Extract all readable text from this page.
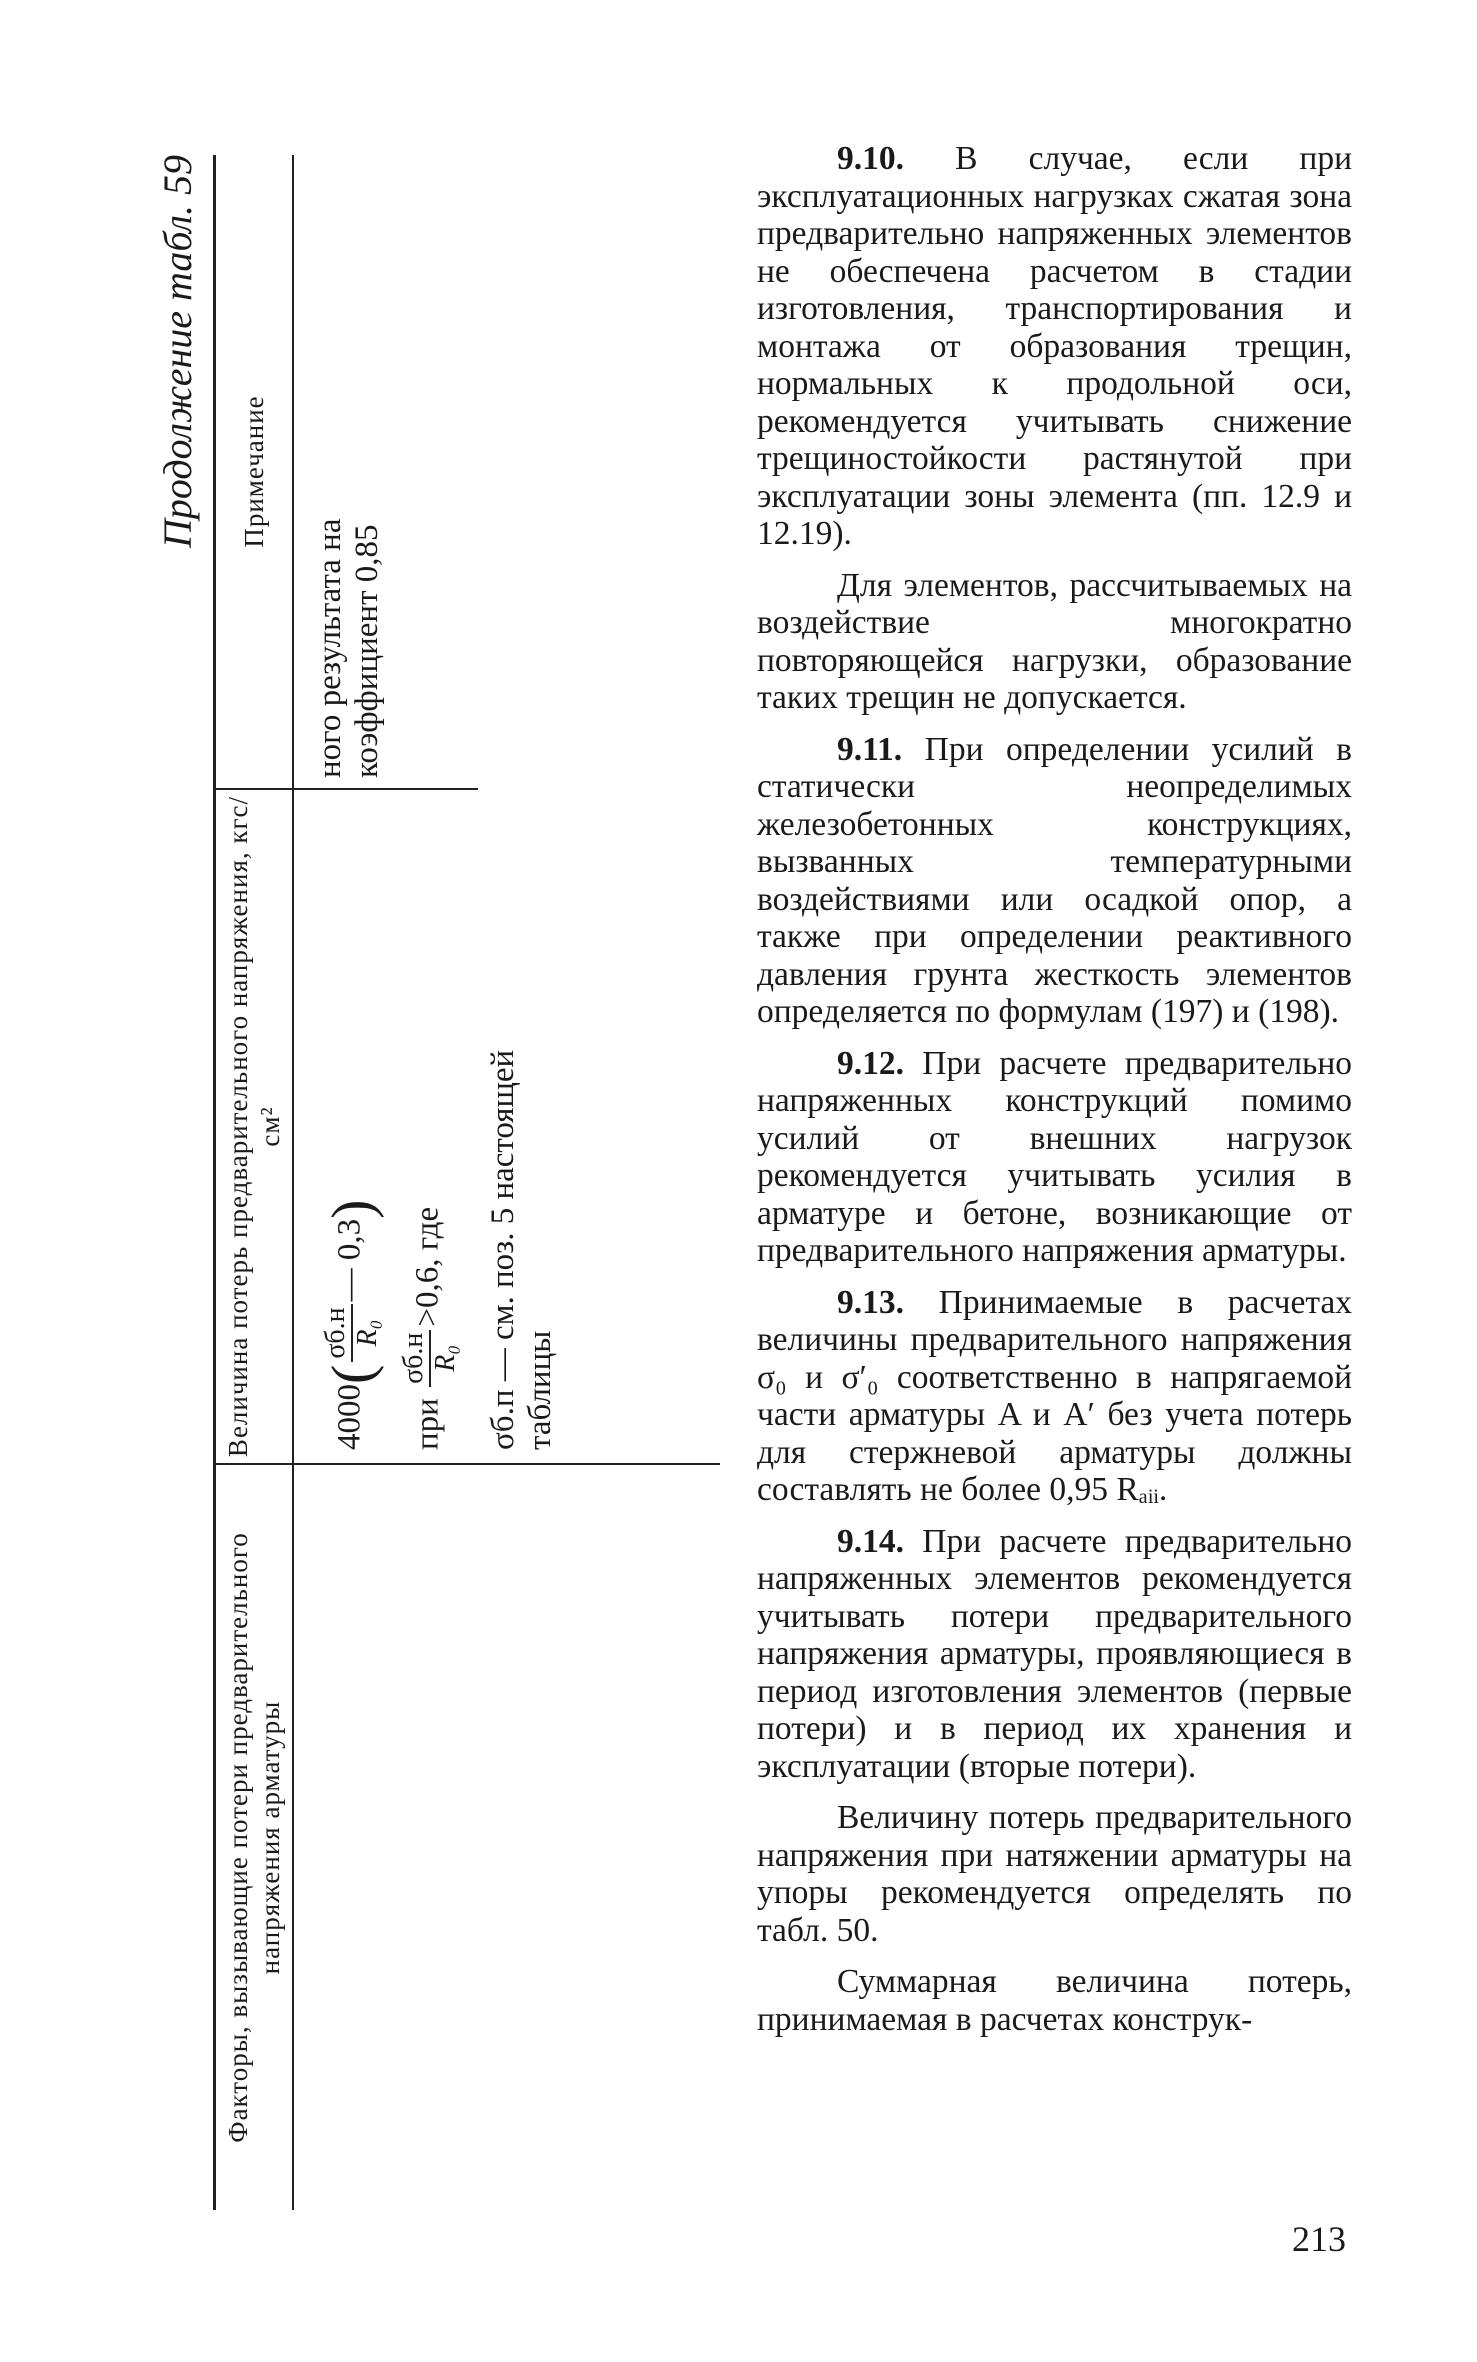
Продолжение табл. 59
Факторы, вызывающие потери предварительного напряжения арматуры
Величина потерь предварительного напряжения, кгс/см²
Примечание
4000(
σб.н R₀
— 0,3)
при
σб.н R₀
>0,6, где	σб.п — см. поз. 5 настоящей таблицы
ного результата на коэффициент 0,85

9.10. В случае, если при эксплуатационных нагрузках сжатая зона предварительно напряженных элементов не обеспечена расчетом в стадии изготовления, транспортирования и монтажа от образования трещин, нормальных к продольной оси, рекомендуется учитывать снижение трещиностойкости растянутой при эксплуатации зоны элемента (пп. 12.9 и 12.19).

Для элементов, рассчитываемых на воздействие многократно повторяющейся нагрузки, образование таких трещин не допускается.

9.11. При определении усилий в статически неопределимых железобетонных конструкциях, вызванных температурными воздействиями или осадкой опор, а также при определении реактивного давления грунта жесткость элементов определяется по формулам (197) и (198).

9.12. При расчете предварительно напряженных конструкций помимо усилий от внешних нагрузок рекомендуется учитывать усилия в арматуре и бетоне, возникающие от предварительного напряжения арматуры.

9.13. Принимаемые в расчетах величины предварительного напряжения σ₀ и σ′₀ соответственно в напрягаемой части арматуры A и A′ без учета потерь для стержневой арматуры должны составлять не более 0,95 Rₐᵢᵢ.

9.14. При расчете предварительно напряженных элементов рекомендуется учитывать потери предварительного напряжения арматуры, проявляющиеся в период изготовления элементов (первые потери) и в период их хранения и эксплуатации (вторые потери).

Величину потерь предварительного напряжения при натяжении арматуры на упоры рекомендуется определять по табл. 50.

Суммарная величина потерь, принимаемая в расчетах конструк-

213
